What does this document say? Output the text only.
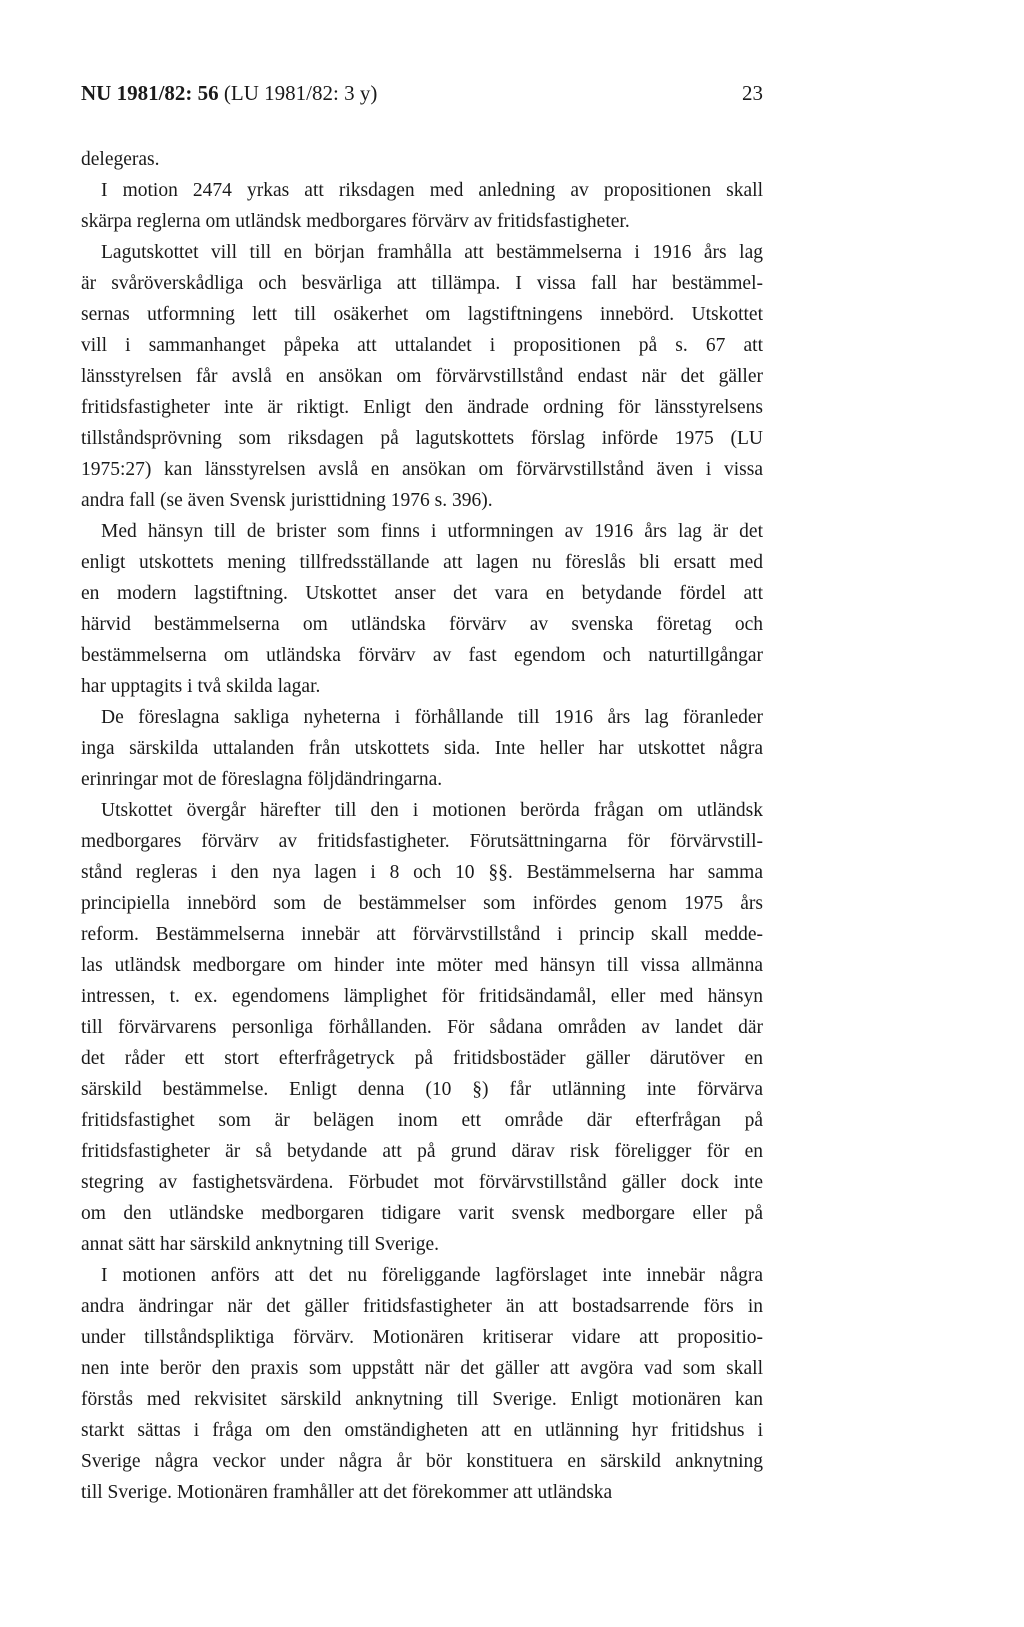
NU 1981/82: 56 (LU 1981/82: 3 y)	23
delegeras.
I motion 2474 yrkas att riksdagen med anledning av propositionen skall
skärpa reglerna om utländsk medborgares förvärv av fritidsfastigheter.
Lagutskottet vill till en början framhålla att bestämmelserna i 1916 års lag
är svåröverskådliga och besvärliga att tillämpa. I vissa fall har bestämmel-
sernas utformning lett till osäkerhet om lagstiftningens innebörd. Utskottet
vill i sammanhanget påpeka att uttalandet i propositionen på s. 67 att
länsstyrelsen får avslå en ansökan om förvärvstillstånd endast när det gäller
fritidsfastigheter inte är riktigt. Enligt den ändrade ordning för länsstyrelsens
tillståndsprövning som riksdagen på lagutskottets förslag införde 1975 (LU
1975:27) kan länsstyrelsen avslå en ansökan om förvärvstillstånd även i vissa
andra fall (se även Svensk juristtidning 1976 s. 396).
Med hänsyn till de brister som finns i utformningen av 1916 års lag är det
enligt utskottets mening tillfredsställande att lagen nu föreslås bli ersatt med
en modern lagstiftning. Utskottet anser det vara en betydande fördel att
härvid bestämmelserna om utländska förvärv av svenska företag och
bestämmelserna om utländska förvärv av fast egendom och naturtillgångar
har upptagits i två skilda lagar.
De föreslagna sakliga nyheterna i förhållande till 1916 års lag föranleder
inga särskilda uttalanden från utskottets sida. Inte heller har utskottet några
erinringar mot de föreslagna följdändringarna.
Utskottet övergår härefter till den i motionen berörda frågan om utländsk
medborgares förvärv av fritidsfastigheter. Förutsättningarna för förvärvstill-
stånd regleras i den nya lagen i 8 och 10 §§. Bestämmelserna har samma
principiella innebörd som de bestämmelser som infördes genom 1975 års
reform. Bestämmelserna innebär att förvärvstillstånd i princip skall medde-
las utländsk medborgare om hinder inte möter med hänsyn till vissa allmänna
intressen, t. ex. egendomens lämplighet för fritidsändamål, eller med hänsyn
till förvärvarens personliga förhållanden. För sådana områden av landet där
det råder ett stort efterfrågetryck på fritidsbostäder gäller därutöver en
särskild bestämmelse. Enligt denna (10 §) får utlänning inte förvärva
fritidsfastighet som är belägen inom ett område där efterfrågan på
fritidsfastigheter är så betydande att på grund därav risk föreligger för en
stegring av fastighetsvärdena. Förbudet mot förvärvstillstånd gäller dock inte
om den utländske medborgaren tidigare varit svensk medborgare eller på
annat sätt har särskild anknytning till Sverige.
I motionen anförs att det nu föreliggande lagförslaget inte innebär några
andra ändringar när det gäller fritidsfastigheter än att bostadsarrende förs in
under tillståndspliktiga förvärv. Motionären kritiserar vidare att propositio-
nen inte berör den praxis som uppstått när det gäller att avgöra vad som skall
förstås med rekvisitet särskild anknytning till Sverige. Enligt motionären kan
starkt sättas i fråga om den omständigheten att en utlänning hyr fritidshus i
Sverige några veckor under några år bör konstituera en särskild anknytning
till Sverige. Motionären framhåller att det förekommer att utländska
